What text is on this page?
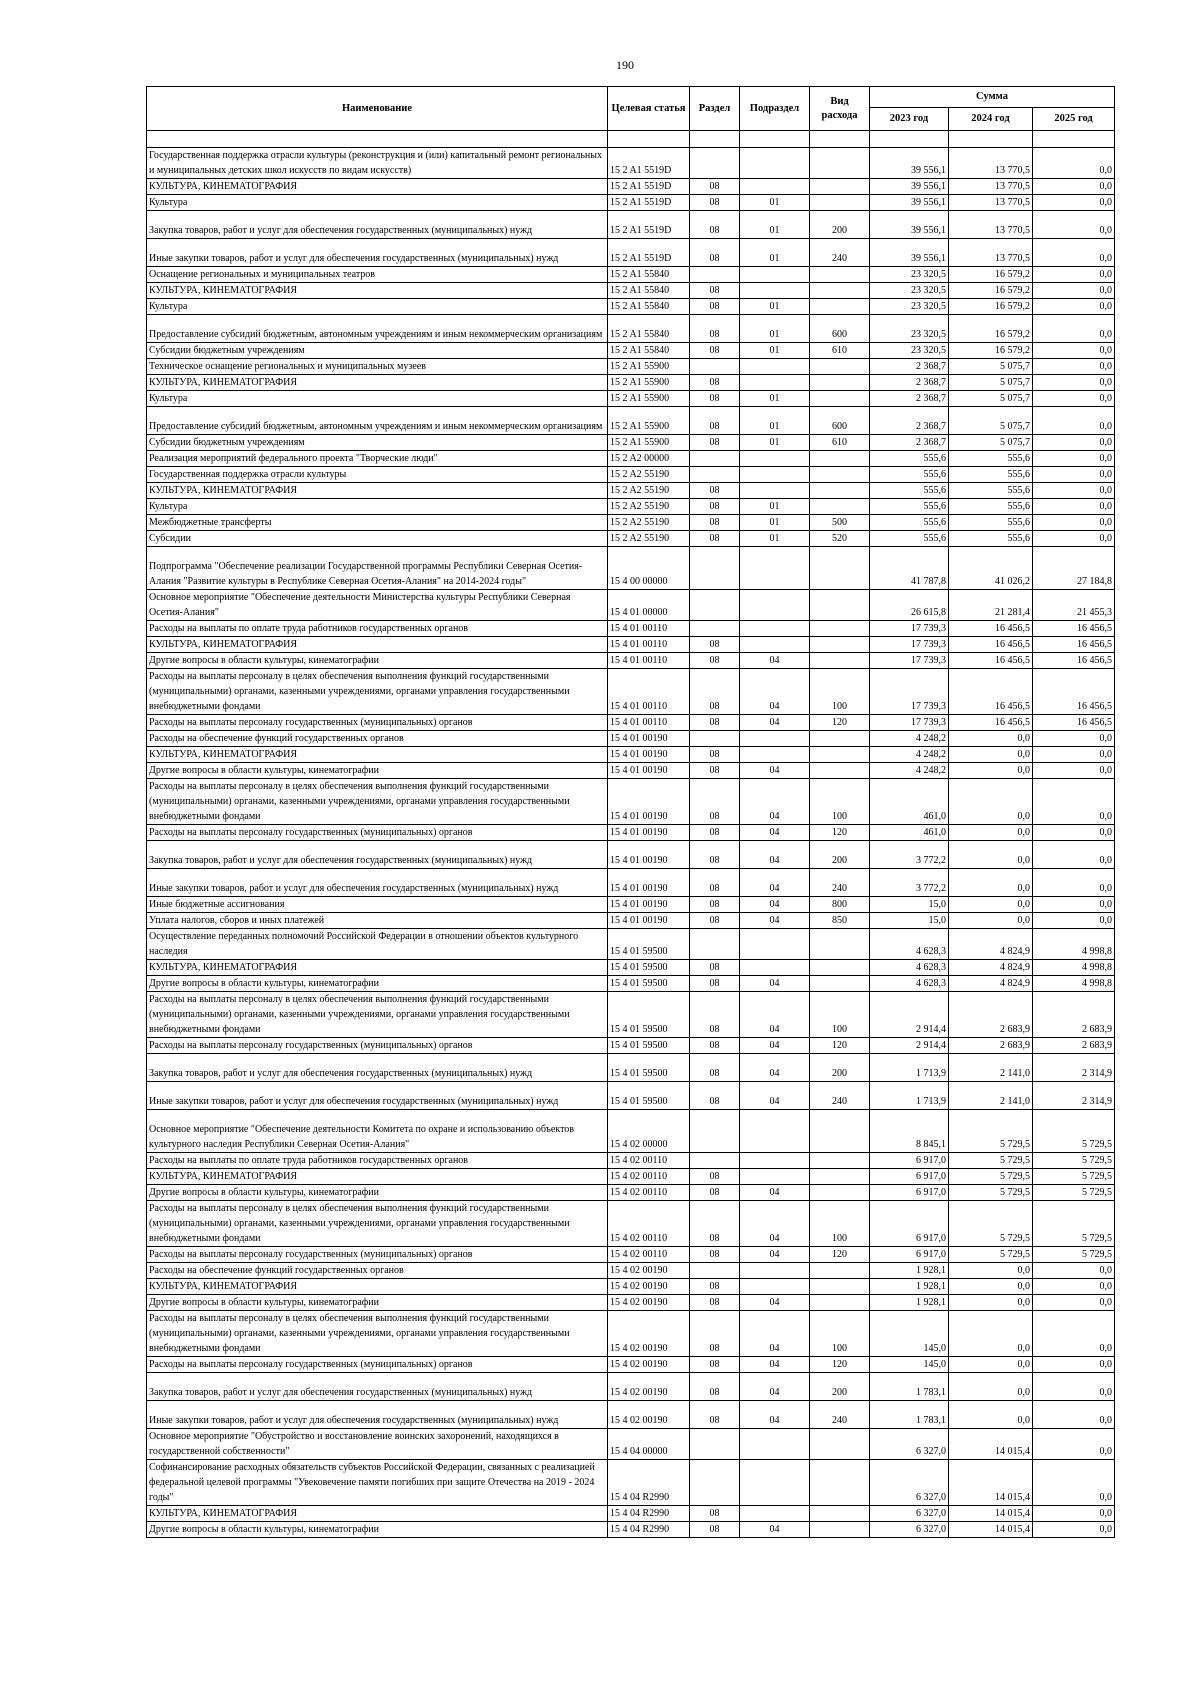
190
Наименование	Целевая статья	Раздел	Подраздел	Вид расхода	Сумма		
					2023 год	2024 год	2025 год

Государственная поддержка отрасли культуры (реконструкция и (или) капитальный ремонт региональных и муниципальных детских школ искусств по видам искусств)	15 2 A1 5519D				39 556,1	13 770,5	0,0
КУЛЬТУРА, КИНЕМАТОГРАФИЯ	15 2 A1 5519D	08			39 556,1	13 770,5	0,0
Культура	15 2 A1 5519D	08	01		39 556,1	13 770,5	0,0
Закупка товаров, работ и услуг для обеспечения государственных (муниципальных) нужд	15 2 A1 5519D	08	01	200	39 556,1	13 770,5	0,0
Иные закупки товаров, работ и услуг для обеспечения государственных (муниципальных) нужд	15 2 A1 5519D	08	01	240	39 556,1	13 770,5	0,0
Оснащение региональных и муниципальных театров	15 2 A1 55840				23 320,5	16 579,2	0,0
КУЛЬТУРА, КИНЕМАТОГРАФИЯ	15 2 A1 55840	08			23 320,5	16 579,2	0,0
Культура	15 2 A1 55840	08	01		23 320,5	16 579,2	0,0
Предоставление субсидий бюджетным, автономным учреждениям и иным некоммерческим организациям	15 2 A1 55840	08	01	600	23 320,5	16 579,2	0,0
Субсидии бюджетным учреждениям	15 2 A1 55840	08	01	610	23 320,5	16 579,2	0,0
Техническое оснащение региональных и муниципальных музеев	15 2 A1 55900				2 368,7	5 075,7	0,0
КУЛЬТУРА, КИНЕМАТОГРАФИЯ	15 2 A1 55900	08			2 368,7	5 075,7	0,0
Культура	15 2 A1 55900	08	01		2 368,7	5 075,7	0,0
Предоставление субсидий бюджетным, автономным учреждениям и иным некоммерческим организациям	15 2 A1 55900	08	01	600	2 368,7	5 075,7	0,0
Субсидии бюджетным учреждениям	15 2 A1 55900	08	01	610	2 368,7	5 075,7	0,0
Реализация мероприятий федерального проекта "Творческие люди"	15 2 A2 00000				555,6	555,6	0,0
Государственная поддержка отрасли культуры	15 2 A2 55190				555,6	555,6	0,0
КУЛЬТУРА, КИНЕМАТОГРАФИЯ	15 2 A2 55190	08			555,6	555,6	0,0
Культура	15 2 A2 55190	08	01		555,6	555,6	0,0
Межбюджетные трансферты	15 2 A2 55190	08	01	500	555,6	555,6	0,0
Субсидии	15 2 A2 55190	08	01	520	555,6	555,6	0,0
Подпрограмма "Обеспечение реализации Государственной программы Республики Северная Осетия-Алания "Развитие культуры в Республике Северная Осетия-Алания" на 2014-2024 годы"	15 4 00 00000				41 787,8	41 026,2	27 184,8
Основное мероприятие "Обеспечение деятельности Министерства культуры Республики Северная Осетия-Алания"	15 4 01 00000				26 615,8	21 281,4	21 455,3
Расходы на выплаты по оплате труда работников государственных органов	15 4 01 00110				17 739,3	16 456,5	16 456,5
КУЛЬТУРА, КИНЕМАТОГРАФИЯ	15 4 01 00110	08			17 739,3	16 456,5	16 456,5
Другие вопросы в области культуры, кинематографии	15 4 01 00110	08	04		17 739,3	16 456,5	16 456,5
Расходы на выплаты персоналу в целях обеспечения выполнения функций государственными (муниципальными) органами, казенными учреждениями, органами управления государственными внебюджетными фондами	15 4 01 00110	08	04	100	17 739,3	16 456,5	16 456,5
Расходы на выплаты персоналу государственных (муниципальных) органов	15 4 01 00110	08	04	120	17 739,3	16 456,5	16 456,5
Расходы на обеспечение функций государственных органов	15 4 01 00190				4 248,2	0,0	0,0
КУЛЬТУРА, КИНЕМАТОГРАФИЯ	15 4 01 00190	08			4 248,2	0,0	0,0
Другие вопросы в области культуры, кинематографии	15 4 01 00190	08	04		4 248,2	0,0	0,0
Расходы на выплаты персоналу в целях обеспечения выполнения функций государственными (муниципальными) органами, казенными учреждениями, органами управления государственными внебюджетными фондами	15 4 01 00190	08	04	100	461,0	0,0	0,0
Расходы на выплаты персоналу государственных (муниципальных) органов	15 4 01 00190	08	04	120	461,0	0,0	0,0
Закупка товаров, работ и услуг для обеспечения государственных (муниципальных) нужд	15 4 01 00190	08	04	200	3 772,2	0,0	0,0
Иные закупки товаров, работ и услуг для обеспечения государственных (муниципальных) нужд	15 4 01 00190	08	04	240	3 772,2	0,0	0,0
Иные бюджетные ассигнования	15 4 01 00190	08	04	800	15,0	0,0	0,0
Уплата налогов, сборов и иных платежей	15 4 01 00190	08	04	850	15,0	0,0	0,0
Осуществление переданных полномочий Российской Федерации в отношении объектов культурного наследия	15 4 01 59500				4 628,3	4 824,9	4 998,8
КУЛЬТУРА, КИНЕМАТОГРАФИЯ	15 4 01 59500	08			4 628,3	4 824,9	4 998,8
Другие вопросы в области культуры, кинематографии	15 4 01 59500	08	04		4 628,3	4 824,9	4 998,8
Расходы на выплаты персоналу в целях обеспечения выполнения функций государственными (муниципальными) органами, казенными учреждениями, органами управления государственными внебюджетными фондами	15 4 01 59500	08	04	100	2 914,4	2 683,9	2 683,9
Расходы на выплаты персоналу государственных (муниципальных) органов	15 4 01 59500	08	04	120	2 914,4	2 683,9	2 683,9
Закупка товаров, работ и услуг для обеспечения государственных (муниципальных) нужд	15 4 01 59500	08	04	200	1 713,9	2 141,0	2 314,9
Иные закупки товаров, работ и услуг для обеспечения государственных (муниципальных) нужд	15 4 01 59500	08	04	240	1 713,9	2 141,0	2 314,9
Основное мероприятие "Обеспечение деятельности Комитета по охране и использованию объектов культурного наследия Республики Северная Осетия-Алания"	15 4 02 00000				8 845,1	5 729,5	5 729,5
Расходы на выплаты по оплате труда работников государственных органов	15 4 02 00110				6 917,0	5 729,5	5 729,5
КУЛЬТУРА, КИНЕМАТОГРАФИЯ	15 4 02 00110	08			6 917,0	5 729,5	5 729,5
Другие вопросы в области культуры, кинематографии	15 4 02 00110	08	04		6 917,0	5 729,5	5 729,5
Расходы на выплаты персоналу в целях обеспечения выполнения функций государственными (муниципальными) органами, казенными учреждениями, органами управления государственными внебюджетными фондами	15 4 02 00110	08	04	100	6 917,0	5 729,5	5 729,5
Расходы на выплаты персоналу государственных (муниципальных) органов	15 4 02 00110	08	04	120	6 917,0	5 729,5	5 729,5
Расходы на обеспечение функций государственных органов	15 4 02 00190				1 928,1	0,0	0,0
КУЛЬТУРА, КИНЕМАТОГРАФИЯ	15 4 02 00190	08			1 928,1	0,0	0,0
Другие вопросы в области культуры, кинематографии	15 4 02 00190	08	04		1 928,1	0,0	0,0
Расходы на выплаты персоналу в целях обеспечения выполнения функций государственными (муниципальными) органами, казенными учреждениями, органами управления государственными внебюджетными фондами	15 4 02 00190	08	04	100	145,0	0,0	0,0
Расходы на выплаты персоналу государственных (муниципальных) органов	15 4 02 00190	08	04	120	145,0	0,0	0,0
Закупка товаров, работ и услуг для обеспечения государственных (муниципальных) нужд	15 4 02 00190	08	04	200	1 783,1	0,0	0,0
Иные закупки товаров, работ и услуг для обеспечения государственных (муниципальных) нужд	15 4 02 00190	08	04	240	1 783,1	0,0	0,0
Основное мероприятие "Обустройство и восстановление воинских захоронений, находящихся в государственной собственности"	15 4 04 00000				6 327,0	14 015,4	0,0
Софинансирование расходных обязательств субъектов Российской Федерации, связанных с реализацией федеральной целевой программы "Увековечение памяти погибших при защите Отечества на 2019 - 2024 годы"	15 4 04 R2990				6 327,0	14 015,4	0,0
КУЛЬТУРА, КИНЕМАТОГРАФИЯ	15 4 04 R2990	08			6 327,0	14 015,4	0,0
Другие вопросы в области культуры, кинематографии	15 4 04 R2990	08	04		6 327,0	14 015,4	0,0
